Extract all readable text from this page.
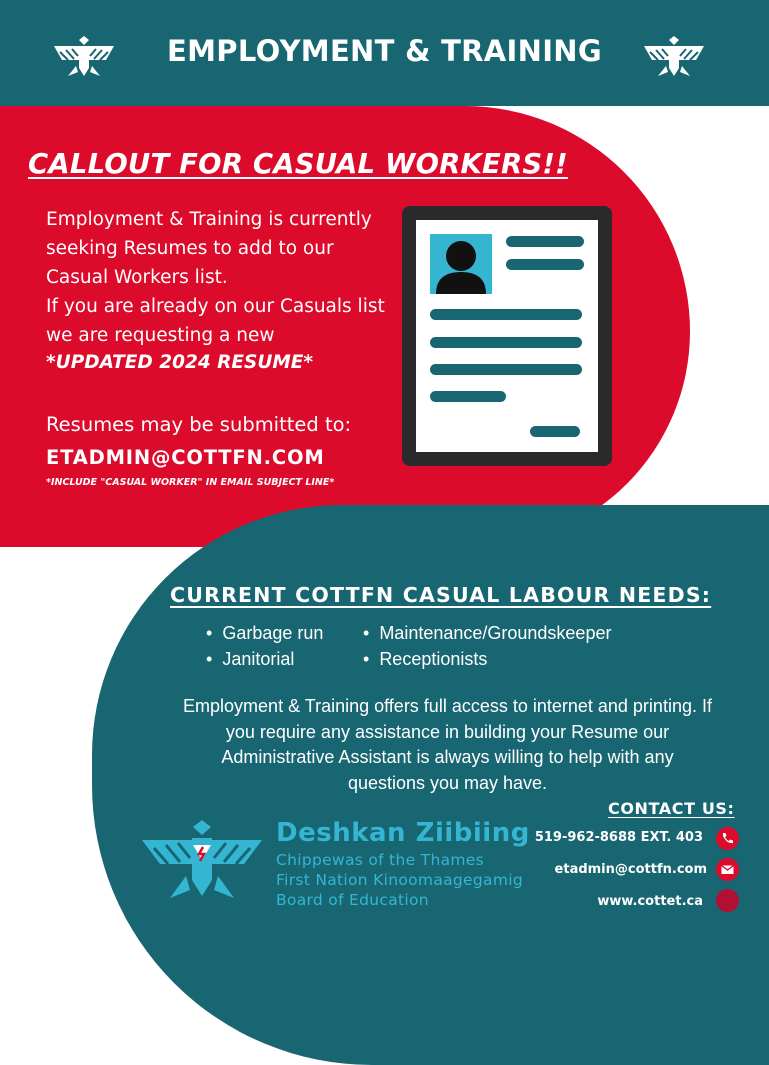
EMPLOYMENT & TRAINING
CALLOUT FOR CASUAL WORKERS!!
Employment & Training is currently
seeking Resumes to add to our
Casual Workers list.
If you are already on our Casuals list
we are requesting a new
*UPDATED 2024 RESUME*
Resumes may be submitted to:
ETADMIN@COTTFN.COM
*INCLUDE "CASUAL WORKER" IN EMAIL SUBJECT LINE*
CURRENT COTTFN CASUAL LABOUR NEEDS:
• Garbage run
• Janitorial
• Maintenance/Groundskeeper
• Receptionists
Employment & Training offers full access to internet and printing. If
you require any assistance in building your Resume our
Administrative Assistant is always willing to help with any
questions you may have.
CONTACT US:
519-962-8688 EXT. 403
etadmin@cottfn.com
www.cottet.ca
Deshkan Ziibiing
Chippewas of the Thames
First Nation Kinoomaagegamig
Board of Education
